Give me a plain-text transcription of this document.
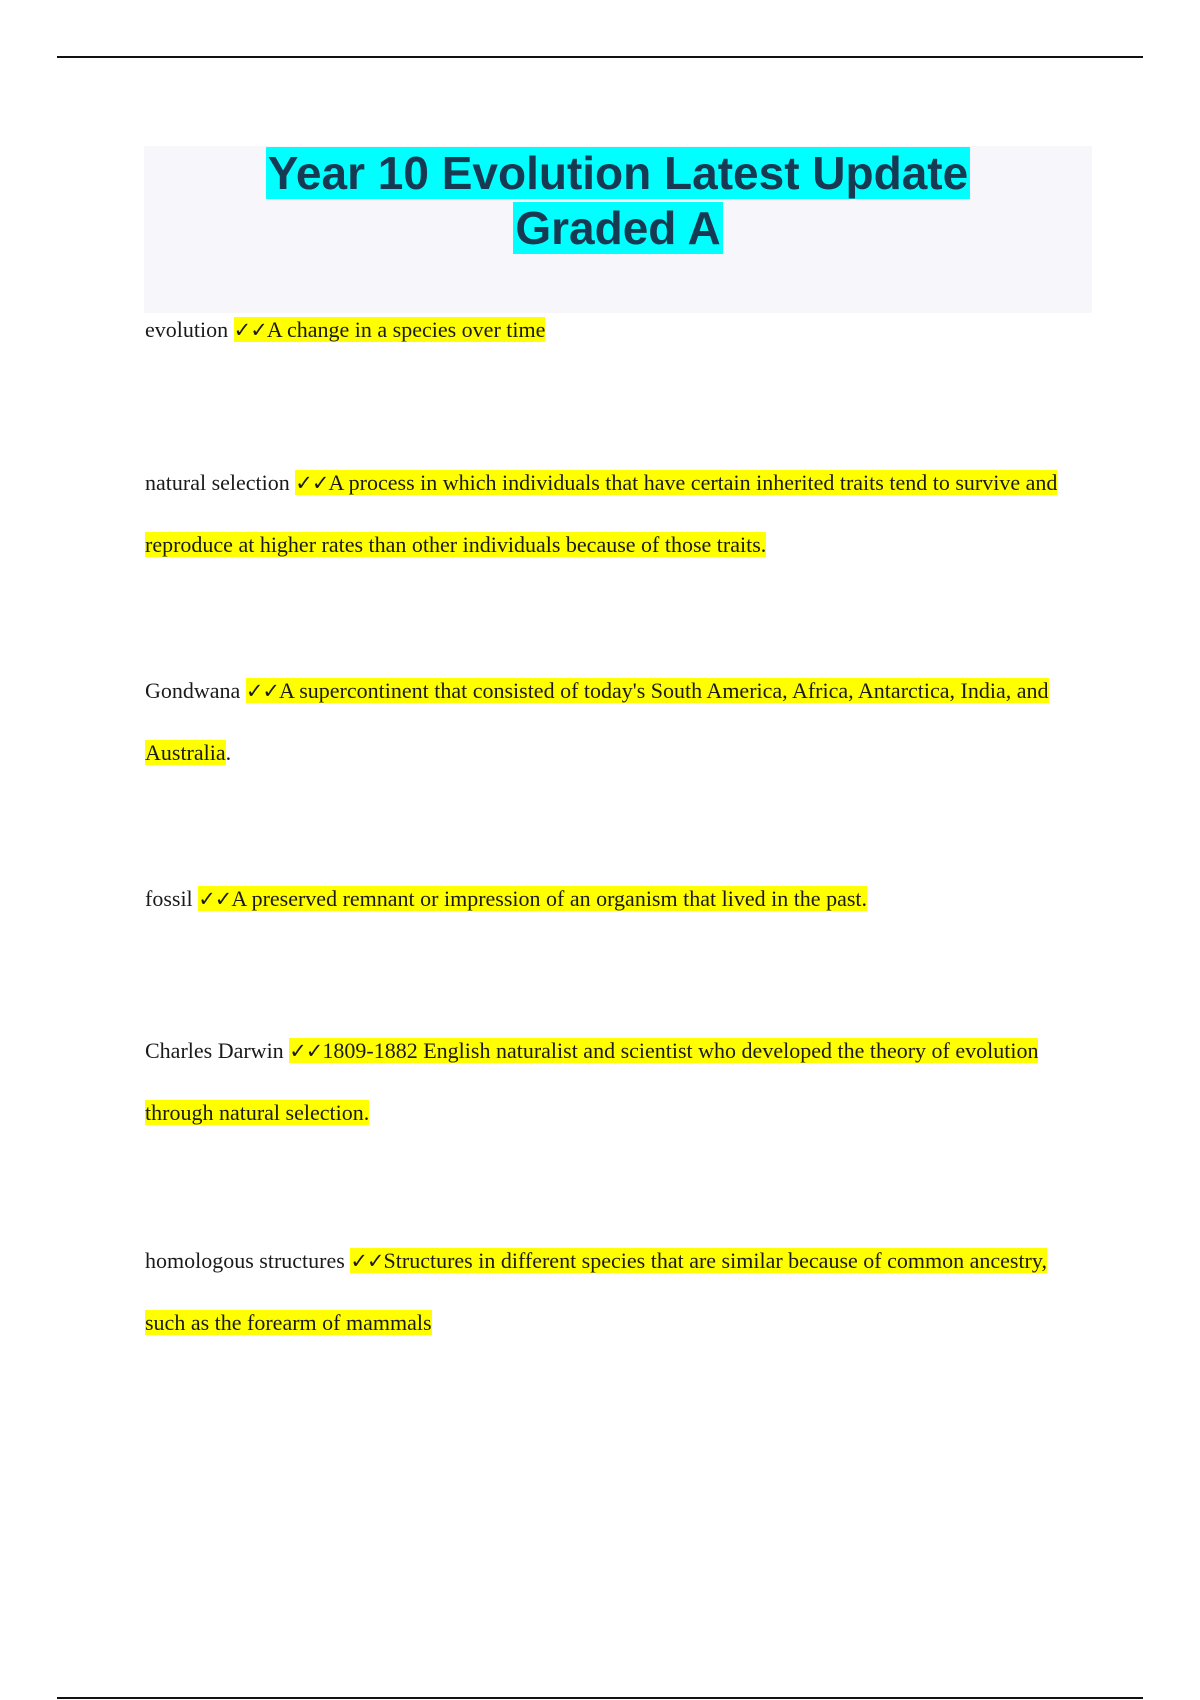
Year 10 Evolution Latest Update
Graded A

evolution ✓✓A change in a species over time

natural selection ✓✓A process in which individuals that have certain inherited traits tend to survive and reproduce at higher rates than other individuals because of those traits.

Gondwana ✓✓A supercontinent that consisted of today's South America, Africa, Antarctica, India, and Australia.

fossil ✓✓A preserved remnant or impression of an organism that lived in the past.

Charles Darwin ✓✓1809-1882 English naturalist and scientist who developed the theory of evolution through natural selection.

homologous structures ✓✓Structures in different species that are similar because of common ancestry, such as the forearm of mammals
